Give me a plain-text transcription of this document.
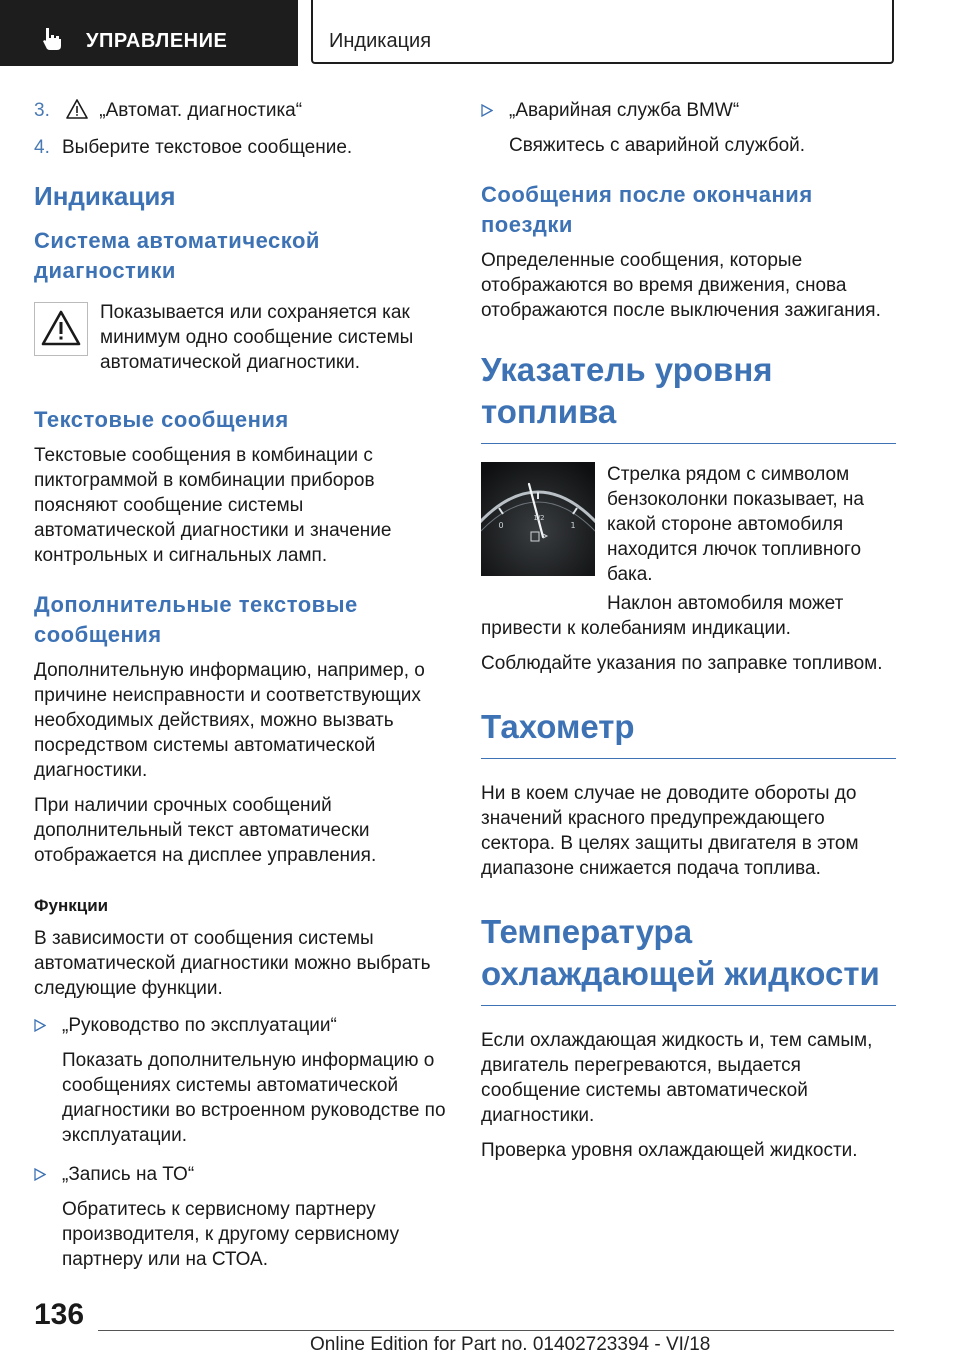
УПРАВЛЕНИЕ	Индикация
3.	„Автомат. диагностика“
4. Выберите текстовое сообщение.
Индикация
Система автоматической диагностики

Показывается или сохраняется как минимум одно сообщение системы автоматической диагностики.

Текстовые сообщения

Текстовые сообщения в комбинации с пиктограммой в комбинации приборов поясняют сообщение системы автоматической диагностики и значение контрольных и сигнальных ламп.

Дополнительные текстовые сообщения

Дополнительную информацию, например, о причине неисправности и соответствующих необходимых действиях, можно вызвать посредством системы автоматической диагностики.

При наличии срочных сообщений дополнительный текст автоматически отображается на дисплее управления.

Функции

В зависимости от сообщения системы автоматической диагностики можно выбрать следующие функции.

„Руководство по эксплуатации“

Показать дополнительную информацию о сообщениях системы автоматической диагностики во встроенном руководстве по эксплуатации.

„Запись на ТО“

Обратитесь к сервисному партнеру производителя, к другому сервисному партнеру или на СТОА.

„Аварийная служба BMW“

Свяжитесь с аварийной службой.

Сообщения после окончания поездки

Определенные сообщения, которые отображаются во время движения, снова отображаются после выключения зажигания.

Указатель уровня топлива
0
1/2
1

Стрелка рядом с символом бензоколонки показывает, на какой стороне автомобиля находится лючок топливного бака.

Наклон автомобиля может привести к колебаниям индикации.

Соблюдайте указания по заправке топливом.

Тахометр

Ни в коем случае не доводите обороты до значений красного предупреждающего сектора. В целях защиты двигателя в этом диапазоне снижается подача топлива.

Температура охлаждающей жидкости

Если охлаждающая жидкость и, тем самым, двигатель перегреваются, выдается сообщение системы автоматической диагностики.

Проверка уровня охлаждающей жидкости.

136
Online Edition for Part no. 01402723394 - VI/18
